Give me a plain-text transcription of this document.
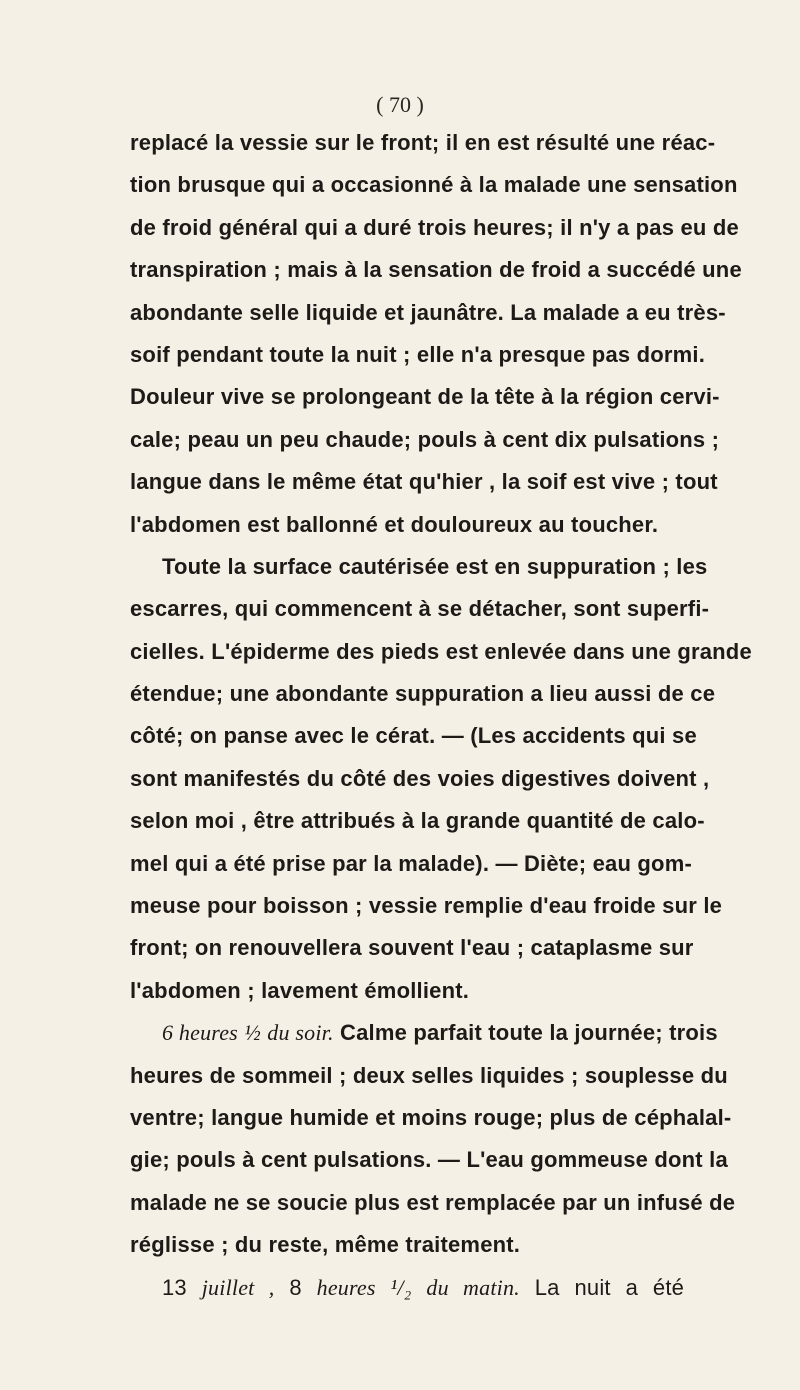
( 70 )
replacé la vessie sur le front; il en est résulté une réac-
tion brusque qui a occasionné à la malade une sensation
de froid général qui a duré trois heures; il n'y a pas eu de
transpiration ; mais à la sensation de froid a succédé une
abondante selle liquide et jaunâtre. La malade a eu très-
soif pendant toute la nuit ; elle n'a presque pas dormi.
Douleur vive se prolongeant de la tête à la région cervi-
cale; peau un peu chaude; pouls à cent dix pulsations ;
langue dans le même état qu'hier , la soif est vive ; tout
l'abdomen est ballonné et douloureux au toucher.
Toute la surface cautérisée est en suppuration ; les
escarres, qui commencent à se détacher, sont superfi-
cielles. L'épiderme des pieds est enlevée dans une grande
étendue; une abondante suppuration a lieu aussi de ce
côté; on panse avec le cérat. — (Les accidents qui se
sont manifestés du côté des voies digestives doivent ,
selon moi , être attribués à la grande quantité de calo-
mel qui a été prise par la malade). — Diète; eau gom-
meuse pour boisson ; vessie remplie d'eau froide sur le
front; on renouvellera souvent l'eau ; cataplasme sur
l'abdomen ; lavement émollient.
6 heures ½ du soir. Calme parfait toute la journée; trois
heures de sommeil ; deux selles liquides ; souplesse du
ventre; langue humide et moins rouge; plus de céphalal-
gie; pouls à cent pulsations. — L'eau gommeuse dont la
malade ne se soucie plus est remplacée par un infusé de
réglisse ; du reste, même traitement.
13 juillet , 8 heures ¹/₂ du matin. La nuit a été
